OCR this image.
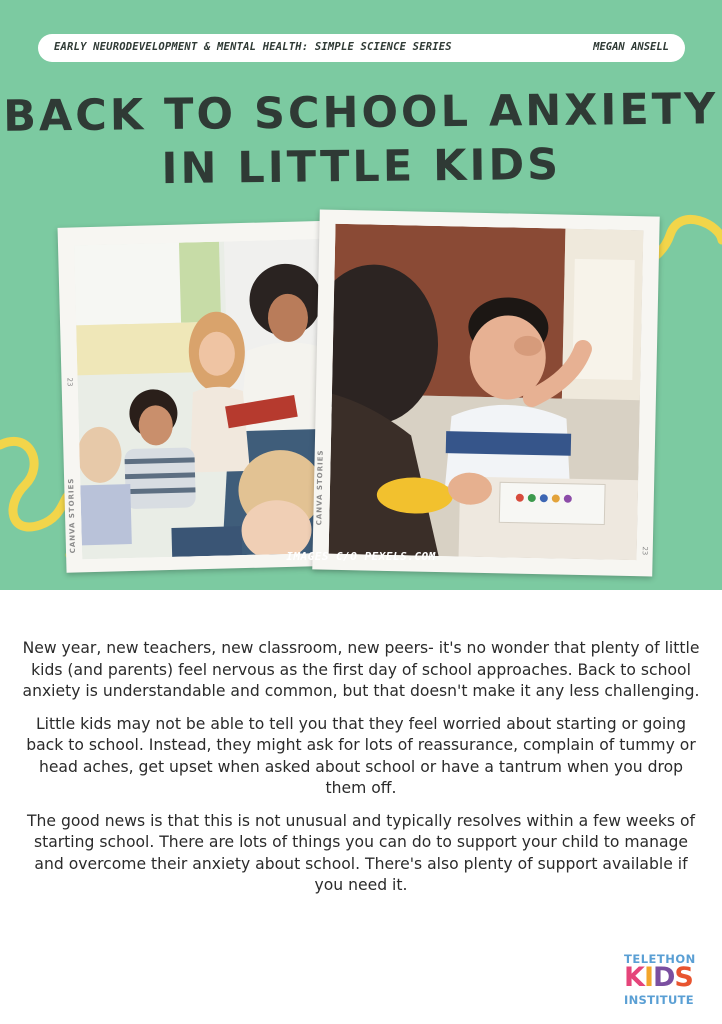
EARLY NEURODEVELOPMENT & MENTAL HEALTH: SIMPLE SCIENCE SERIES	MEGAN ANSELL
BACK TO SCHOOL ANXIETY
IN LITTLE KIDS
CANVA STORIES
23
CANVA STORIES
23
IMAGES C/O PEXELS.COM

New year, new teachers, new classroom, new peers- it's no wonder that plenty of little kids (and parents) feel nervous as the first day of school approaches. Back to school anxiety is understandable and common, but that doesn't make it any less challenging.

Little kids may not be able to tell you that they feel worried about starting or going back to school. Instead, they might ask for lots of reassurance, complain of tummy or head aches, get upset when asked about school or have a tantrum when you drop them off.

The good news is that this is not unusual and typically resolves within a few weeks of starting school. There are lots of things you can do to support your child to manage and overcome their anxiety about school. There's also plenty of support available if you need it.

TELETHON
KIDS
INSTITUTE
